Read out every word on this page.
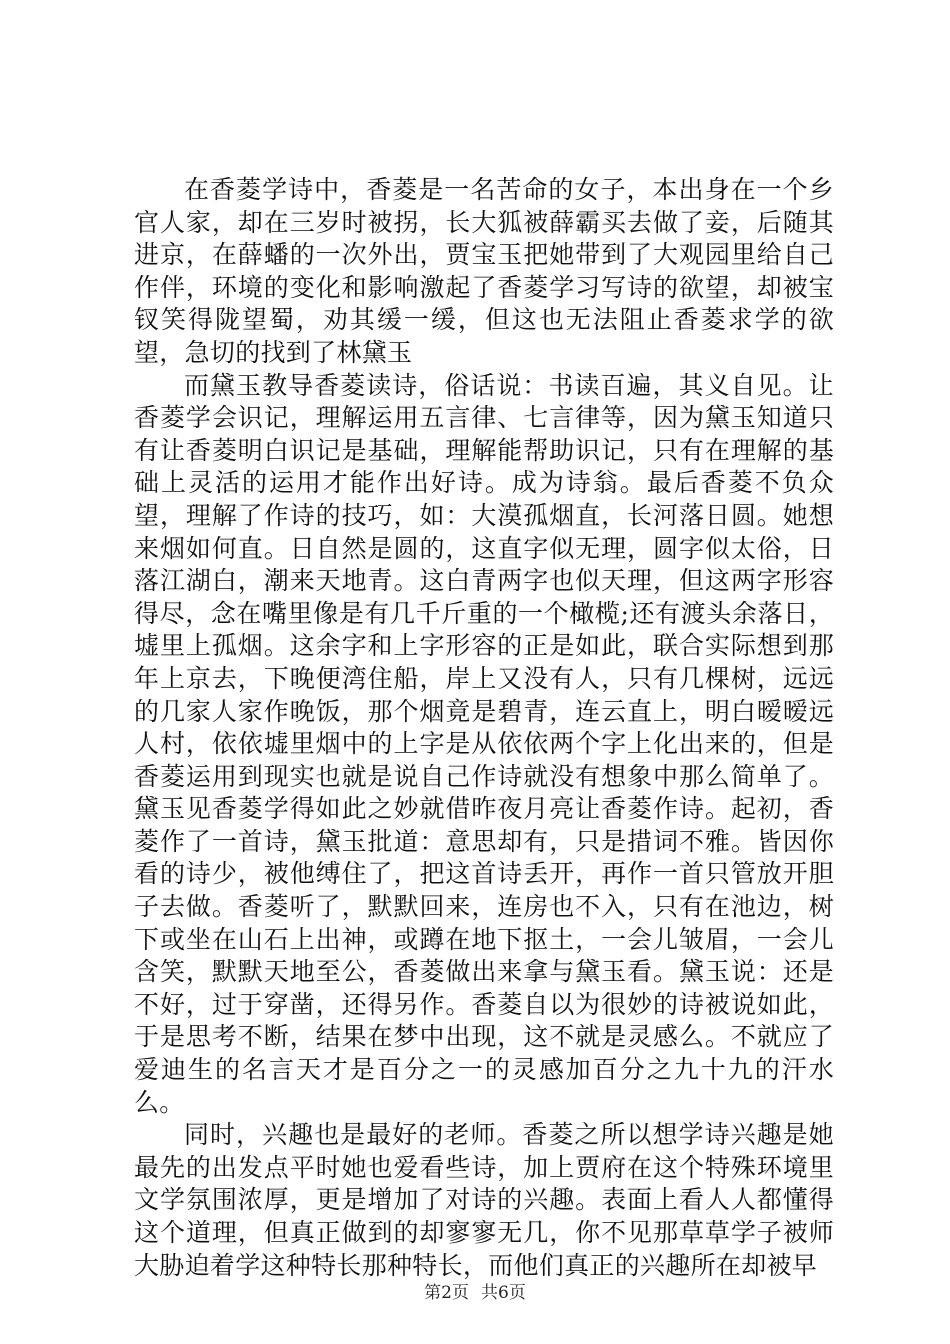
在香菱学诗中，香菱是一名苦命的女子，本出身在一个乡官人家，却在三岁时被拐，长大狐被薛霸买去做了妾，后随其进京，在薛蟠的一次外出，贾宝玉把她带到了大观园里给自己作伴，环境的变化和影响激起了香菱学习写诗的欲望，却被宝钗笑得陇望蜀，劝其缓一缓，但这也无法阻止香菱求学的欲望，急切的找到了林黛玉

而黛玉教导香菱读诗，俗话说：书读百遍，其义自见。让香菱学会识记，理解运用五言律、七言律等，因为黛玉知道只有让香菱明白识记是基础，理解能帮助识记，只有在理解的基础上灵活的运用才能作出好诗。成为诗翁。最后香菱不负众望，理解了作诗的技巧，如：大漠孤烟直，长河落日圆。她想来烟如何直。日自然是圆的，这直字似无理，圆字似太俗，日落江湖白，潮来天地青。这白青两字也似天理，但这两字形容得尽，念在嘴里像是有几千斤重的一个橄榄;还有渡头余落日，墟里上孤烟。这余字和上字形容的正是如此，联合实际想到那年上京去，下晚便湾住船，岸上又没有人，只有几棵树，远远的几家人家作晚饭，那个烟竟是碧青，连云直上，明白暧暧远人村，依依墟里烟中的上字是从依依两个字上化出来的，但是香菱运用到现实也就是说自己作诗就没有想象中那么简单了。黛玉见香菱学得如此之妙就借昨夜月亮让香菱作诗。起初，香菱作了一首诗，黛玉批道：意思却有，只是措词不雅。皆因你看的诗少，被他缚住了，把这首诗丢开，再作一首只管放开胆子去做。香菱听了，默默回来，连房也不入，只有在池边，树下或坐在山石上出神，或蹲在地下抠土，一会儿皱眉，一会儿含笑，默默天地至公，香菱做出来拿与黛玉看。黛玉说：还是不好，过于穿凿，还得另作。香菱自以为很妙的诗被说如此，于是思考不断，结果在梦中出现，这不就是灵感么。不就应了爱迪生的名言天才是百分之一的灵感加百分之九十九的汗水么。

同时，兴趣也是最好的老师。香菱之所以想学诗兴趣是她最先的出发点平时她也爱看些诗，加上贾府在这个特殊环境里文学氛围浓厚，更是增加了对诗的兴趣。表面上看人人都懂得这个道理，但真正做到的却寥寥无几，你不见那草草学子被师大胁迫着学这种特长那种特长，而他们真正的兴趣所在却被早

第2页 共6页
